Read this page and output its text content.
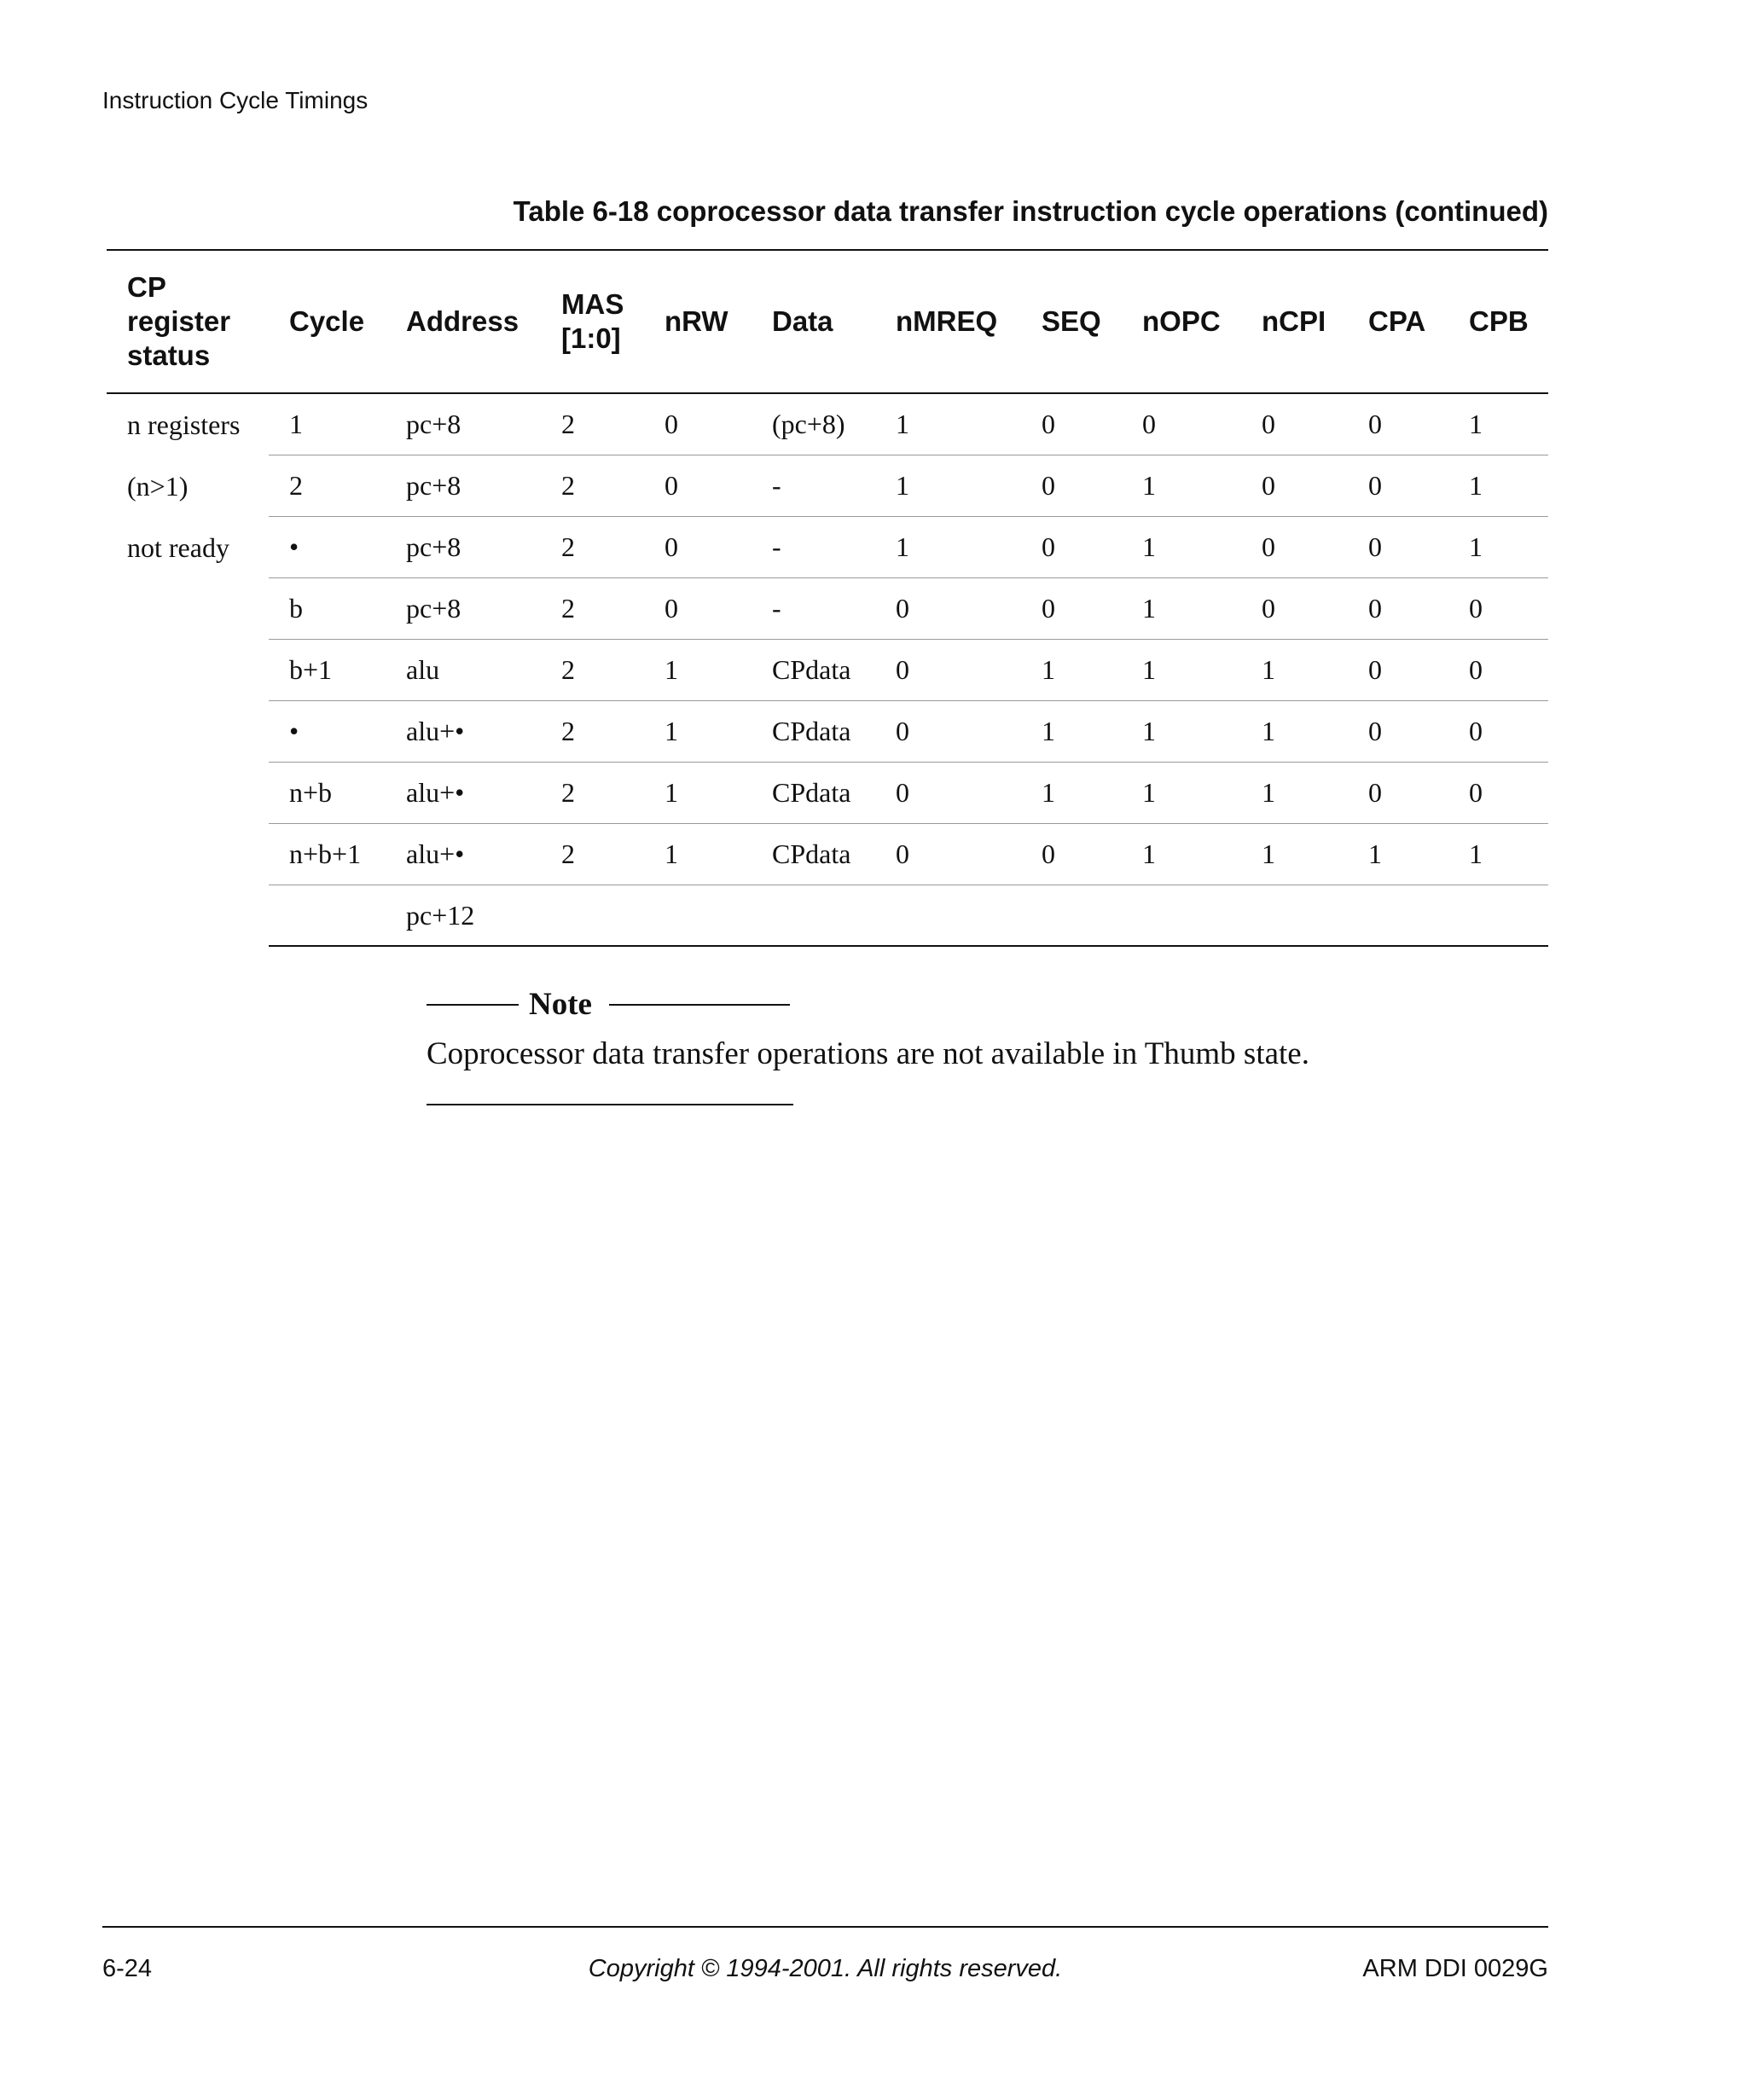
Instruction Cycle Timings
Table 6-18 coprocessor data transfer instruction cycle operations (continued)
CP
register
status	Cycle	Address	MAS
[1:0]	nRW	Data	nMREQ	SEQ	nOPC	nCPI	CPA	CPB

n registers
(n>1)
not ready	1	pc+8	2	0	(pc+8)	1	0	0	0	0	1
	2	pc+8	2	0	-	1	0	1	0	0	1
	•	pc+8	2	0	-	1	0	1	0	0	1
	b	pc+8	2	0	-	0	0	1	0	0	0
	b+1	alu	2	1	CPdata	0	1	1	1	0	0
	•	alu+•	2	1	CPdata	0	1	1	1	0	0
	n+b	alu+•	2	1	CPdata	0	1	1	1	0	0
	n+b+1	alu+•	2	1	CPdata	0	0	1	1	1	1
		pc+12									
Note
Coprocessor data transfer operations are not available in Thumb state.
Copyright © 1994-2001. All rights reserved.
6-24	ARM DDI 0029G
